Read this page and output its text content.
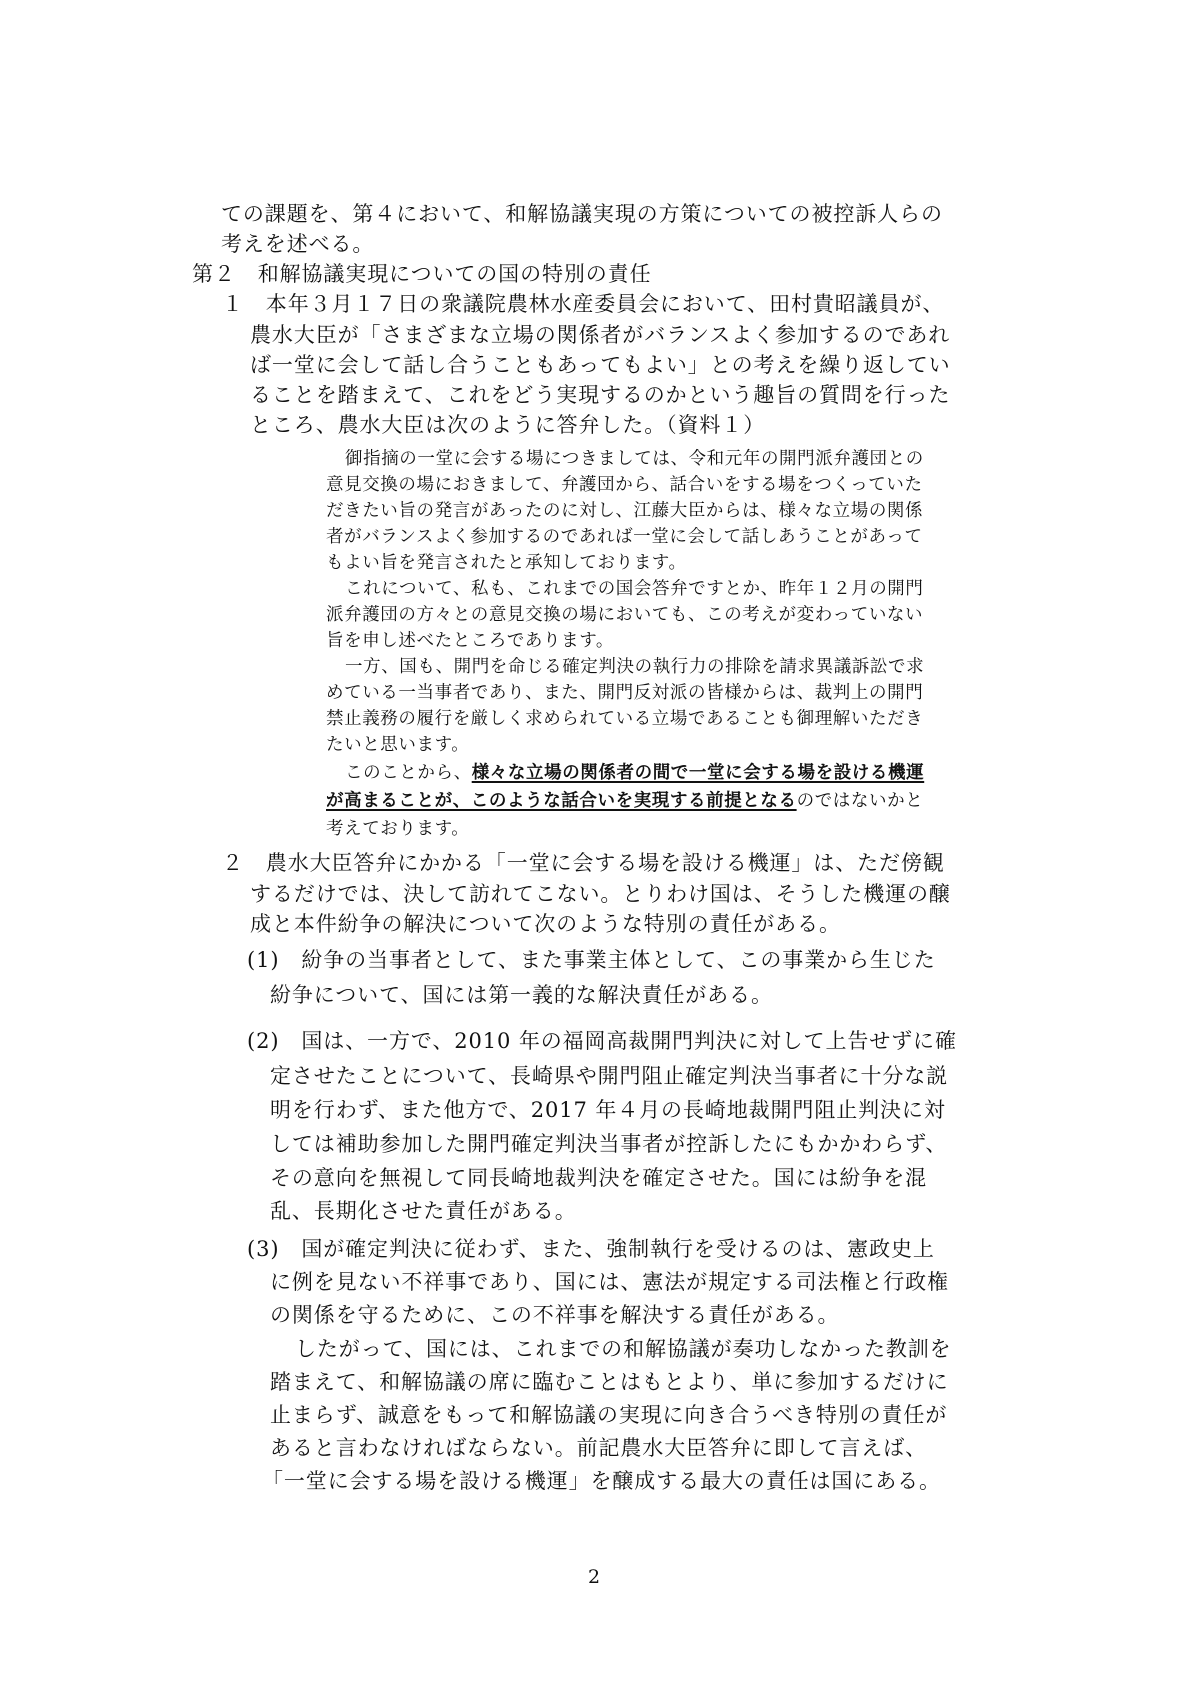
ての課題を、第４において、和解協議実現の方策についての被控訴人らの
考えを述べる。
第２　和解協議実現についての国の特別の責任
１　本年３月１７日の衆議院農林水産委員会において、田村貴昭議員が、
農水大臣が「さまざまな立場の関係者がバランスよく参加するのであれ
ば一堂に会して話し合うこともあってもよい」との考えを繰り返してい
ることを踏まえて、これをどう実現するのかという趣旨の質問を行った
ところ、農水大臣は次のように答弁した。（資料１）
御指摘の一堂に会する場につきましては、令和元年の開門派弁護団との
意見交換の場におきまして、弁護団から、話合いをする場をつくっていた
だきたい旨の発言があったのに対し、江藤大臣からは、様々な立場の関係
者がバランスよく参加するのであれば一堂に会して話しあうことがあって
もよい旨を発言されたと承知しております。
これについて、私も、これまでの国会答弁ですとか、昨年１２月の開門
派弁護団の方々との意見交換の場においても、この考えが変わっていない
旨を申し述べたところであります。
一方、国も、開門を命じる確定判決の執行力の排除を請求異議訴訟で求
めている一当事者であり、また、開門反対派の皆様からは、裁判上の開門
禁止義務の履行を厳しく求められている立場であることも御理解いただき
たいと思います。
このことから、様々な立場の関係者の間で一堂に会する場を設ける機運
が高まることが、このような話合いを実現する前提となるのではないかと
考えております。
２　農水大臣答弁にかかる「一堂に会する場を設ける機運」は、ただ傍観
するだけでは、決して訪れてこない。とりわけ国は、そうした機運の醸
成と本件紛争の解決について次のような特別の責任がある。
(1)　紛争の当事者として、また事業主体として、この事業から生じた
紛争について、国には第一義的な解決責任がある。
(2)　国は、一方で、2010 年の福岡高裁開門判決に対して上告せずに確
定させたことについて、長崎県や開門阻止確定判決当事者に十分な説
明を行わず、また他方で、2017 年４月の長崎地裁開門阻止判決に対
しては補助参加した開門確定判決当事者が控訴したにもかかわらず、
その意向を無視して同長崎地裁判決を確定させた。国には紛争を混
乱、長期化させた責任がある。
(3)　国が確定判決に従わず、また、強制執行を受けるのは、憲政史上
に例を見ない不祥事であり、国には、憲法が規定する司法権と行政権
の関係を守るために、この不祥事を解決する責任がある。
したがって、国には、これまでの和解協議が奏功しなかった教訓を
踏まえて、和解協議の席に臨むことはもとより、単に参加するだけに
止まらず、誠意をもって和解協議の実現に向き合うべき特別の責任が
あると言わなければならない。前記農水大臣答弁に即して言えば、
「一堂に会する場を設ける機運」を醸成する最大の責任は国にある。
2
